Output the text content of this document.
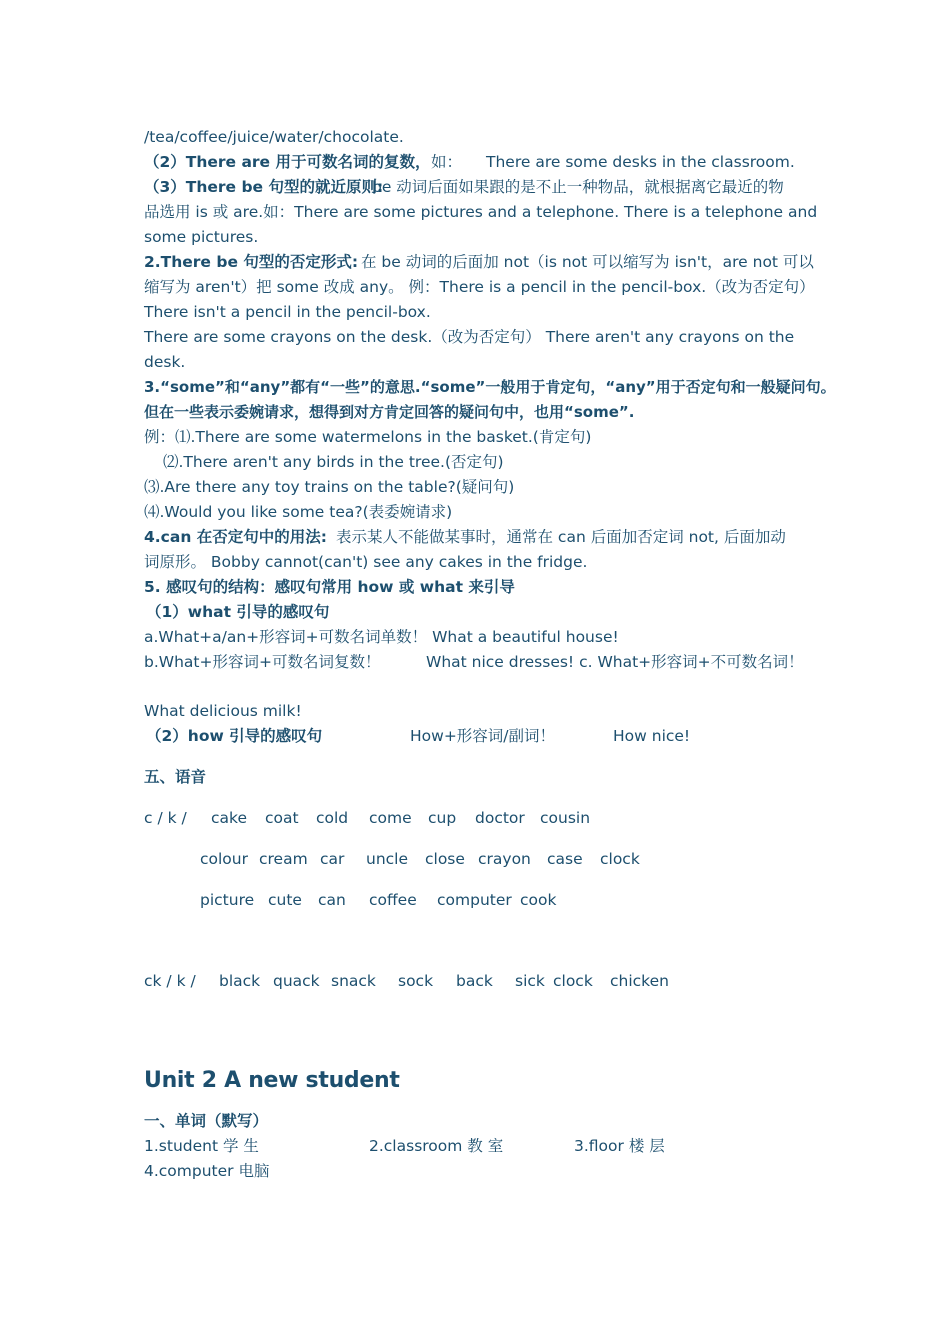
/tea/coffee/juice/water/chocolate.
（2）There are 用于可数名词的复数， 如： There are some desks in the classroom.
（3）There be 句型的就近原则:
be 动词后面如果跟的是不止一种物品，就根据离它最近的物
品选用 is 或 are.如：There are some pictures and a telephone. There is a telephone and
some pictures.
2.There be 句型的否定形式: 在 be 动词的后面加 not（is not 可以缩写为 isn't，are not 可以
缩写为 aren't）把 some 改成 any。 例：There is a pencil in the pencil-box.（改为否定句）
There isn't a pencil in the pencil-box.
There are some crayons on the desk.（改为否定句） There aren't any crayons on the
desk.
3.“some”和“any”都有“一些”的意思.“some”一般用于肯定句，“any”用于否定句和一般疑问句。
但在一些表示委婉请求，想得到对方肯定回答的疑问句中，也用“some”.
例：⑴.There are some watermelons in the basket.(肯定句)
⑵.There aren't any birds in the tree.(否定句)
⑶.Are there any toy trains on the table?(疑问句)
⑷.Would you like some tea?(表委婉请求)
4.can 在否定句中的用法: 表示某人不能做某事时，通常在 can 后面加否定词 not, 后面加动
词原形。 Bobby cannot(can't) see any cakes in the fridge.
5. 感叹句的结构：感叹句常用 how 或 what 来引导
（1）what 引导的感叹句
a.What+a/an+形容词+可数名词单数！ What a beautiful house!
b.What+形容词+可数名词复数！	What nice dresses! c. What+形容词+不可数名词！
What delicious milk!
（2）how 引导的感叹句	How+形容词/副词！	How nice!
五、语音
c / k / cake coat cold come cup doctor cousin
colour cream car uncle close crayon case clock
picture cute can coffee computer cook
ck / k / black quack snack sock back sick clock chicken
Unit 2 A new student
一、单词（默写）
1.student 学 生	2.classroom 教 室	3.floor 楼 层
4.computer 电脑
